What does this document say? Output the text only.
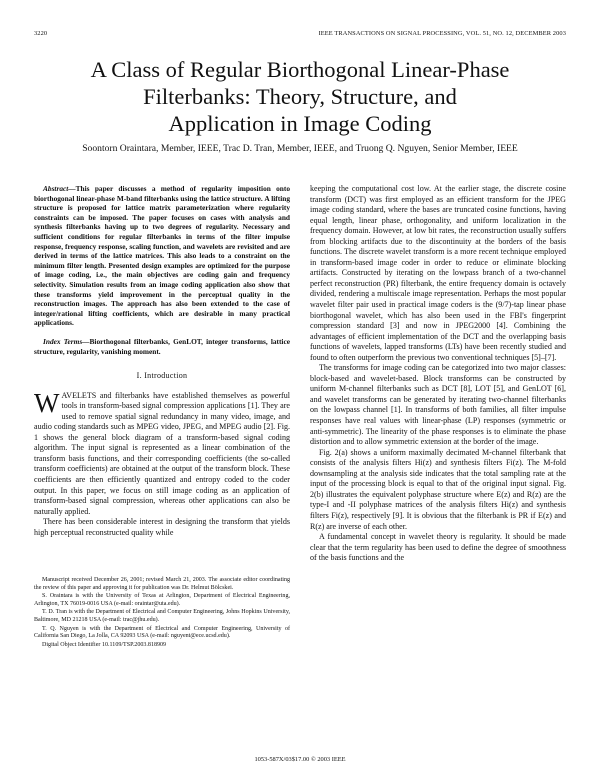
3220	IEEE TRANSACTIONS ON SIGNAL PROCESSING, VOL. 51, NO. 12, DECEMBER 2003
A Class of Regular Biorthogonal Linear-Phase
Filterbanks: Theory, Structure, and
Application in Image Coding
Soontorn Oraintara, Member, IEEE, Trac D. Tran, Member, IEEE, and Truong Q. Nguyen, Senior Member, IEEE

Abstract—This paper discusses a method of regularity imposition onto biorthogonal linear-phase M-band filterbanks using the lattice structure. A lifting structure is proposed for lattice matrix parameterization where regularity constraints can be imposed. The paper focuses on cases with analysis and synthesis filterbanks having up to two degrees of regularity. Necessary and sufficient conditions for regular filterbanks in terms of the filter impulse response, frequency response, scaling function, and wavelets are revisited and are derived in terms of the lattice matrices. This also leads to a constraint on the minimum filter length. Presented design examples are optimized for the purpose of image coding, i.e., the main objectives are coding gain and frequency selectivity. Simulation results from an image coding application also show that these transforms yield improvement in the perceptual quality in the reconstruction images. The approach has also been extended to the case of integer/rational lifting coefficients, which are desirable in many practical applications.

Index Terms—Biorthogonal filterbanks, GenLOT, integer transforms, lattice structure, regularity, vanishing moment.

I. Introduction

WAVELETS and filterbanks have established themselves as powerful tools in transform-based signal compression applications [1]. They are used to remove spatial signal redundancy in many video, image, and audio coding standards such as MPEG video, JPEG, and MPEG audio [2]. Fig. 1 shows the general block diagram of a transform-based signal coding algorithm. The input signal is represented as a linear combination of the transform basis functions, and their corresponding coefficients (the so-called transform coefficients) are obtained at the output of the transform block. These coefficients are then efficiently quantized and entropy coded to the coder output. In this paper, we focus on still image coding as an application of transform-based signal compression, whereas other applications can also be naturally applied.

There has been considerable interest in designing the transform that yields high perceptual reconstructed quality while

Manuscript received December 26, 2001; revised March 21, 2003. The associate editor coordinating the review of this paper and approving it for publication was Dr. Helmut Bölcskei.

S. Oraintara is with the University of Texas at Arlington, Department of Electrical Engineering, Arlington, TX 76019-0016 USA (e-mail: oraintar@uta.edu).

T. D. Tran is with the Department of Electrical and Computer Engineering, Johns Hopkins University, Baltimore, MD 21218 USA (e-mail: trac@jhu.edu).

T. Q. Nguyen is with the Department of Electrical and Computer Engineering, University of California San Diego, La Jolla, CA 92093 USA (e-mail: nguyent@ece.ucsd.edu).

Digital Object Identifier 10.1109/TSP.2003.818909

keeping the computational cost low. At the earlier stage, the discrete cosine transform (DCT) was first employed as an efficient transform for the JPEG image coding standard, where the bases are truncated cosine functions, having equal length, linear phase, orthogonality, and uniform localization in the frequency domain. However, at low bit rates, the reconstruction usually suffers from blocking artifacts due to the discontinuity at the borders of the basis functions. The discrete wavelet transform is a more recent technique employed in transform-based image coder in order to reduce or eliminate blocking artifacts. Constructed by iterating on the lowpass branch of a two-channel perfect reconstruction (PR) filterbank, the entire frequency domain is octavely divided, rendering a multiscale image representation. Perhaps the most popular wavelet filter pair used in practical image coders is the (9/7)-tap linear phase biorthogonal wavelet, which has also been used in the FBI's fingerprint compression standard [3] and now in JPEG2000 [4]. Combining the advantages of efficient implementation of the DCT and the overlapping basis functions of wavelets, lapped transforms (LTs) have been recently studied and found to often outperform the previous two conventional techniques [5]–[7].

The transforms for image coding can be categorized into two major classes: block-based and wavelet-based. Block transforms can be constructed by uniform M-channel filterbanks such as DCT [8], LOT [5], and GenLOT [6], and wavelet transforms can be generated by iterating two-channel filterbanks on the lowpass channel [1]. In transforms of both families, all filter impulse responses have real values with linear-phase (LP) responses (symmetric or anti-symmetric). The linearity of the phase responses is to eliminate the phase distortion and to allow symmetric extension at the border of the image.

Fig. 2(a) shows a uniform maximally decimated M-channel filterbank that consists of the analysis filters Hi(z) and synthesis filters Fi(z). The M-fold downsampling at the analysis side indicates that the total sampling rate at the input of the processing block is equal to that of the original input signal. Fig. 2(b) illustrates the equivalent polyphase structure where E(z) and R(z) are the type-I and -II polyphase matrices of the analysis filters Hi(z) and synthesis filters Fi(z), respectively [9]. It is obvious that the filterbank is PR if E(z) and R(z) are inverse of each other.

A fundamental concept in wavelet theory is regularity. It should be made clear that the term regularity has been used to define the degree of smoothness of the basis functions and the

1053-587X/03$17.00 © 2003 IEEE
